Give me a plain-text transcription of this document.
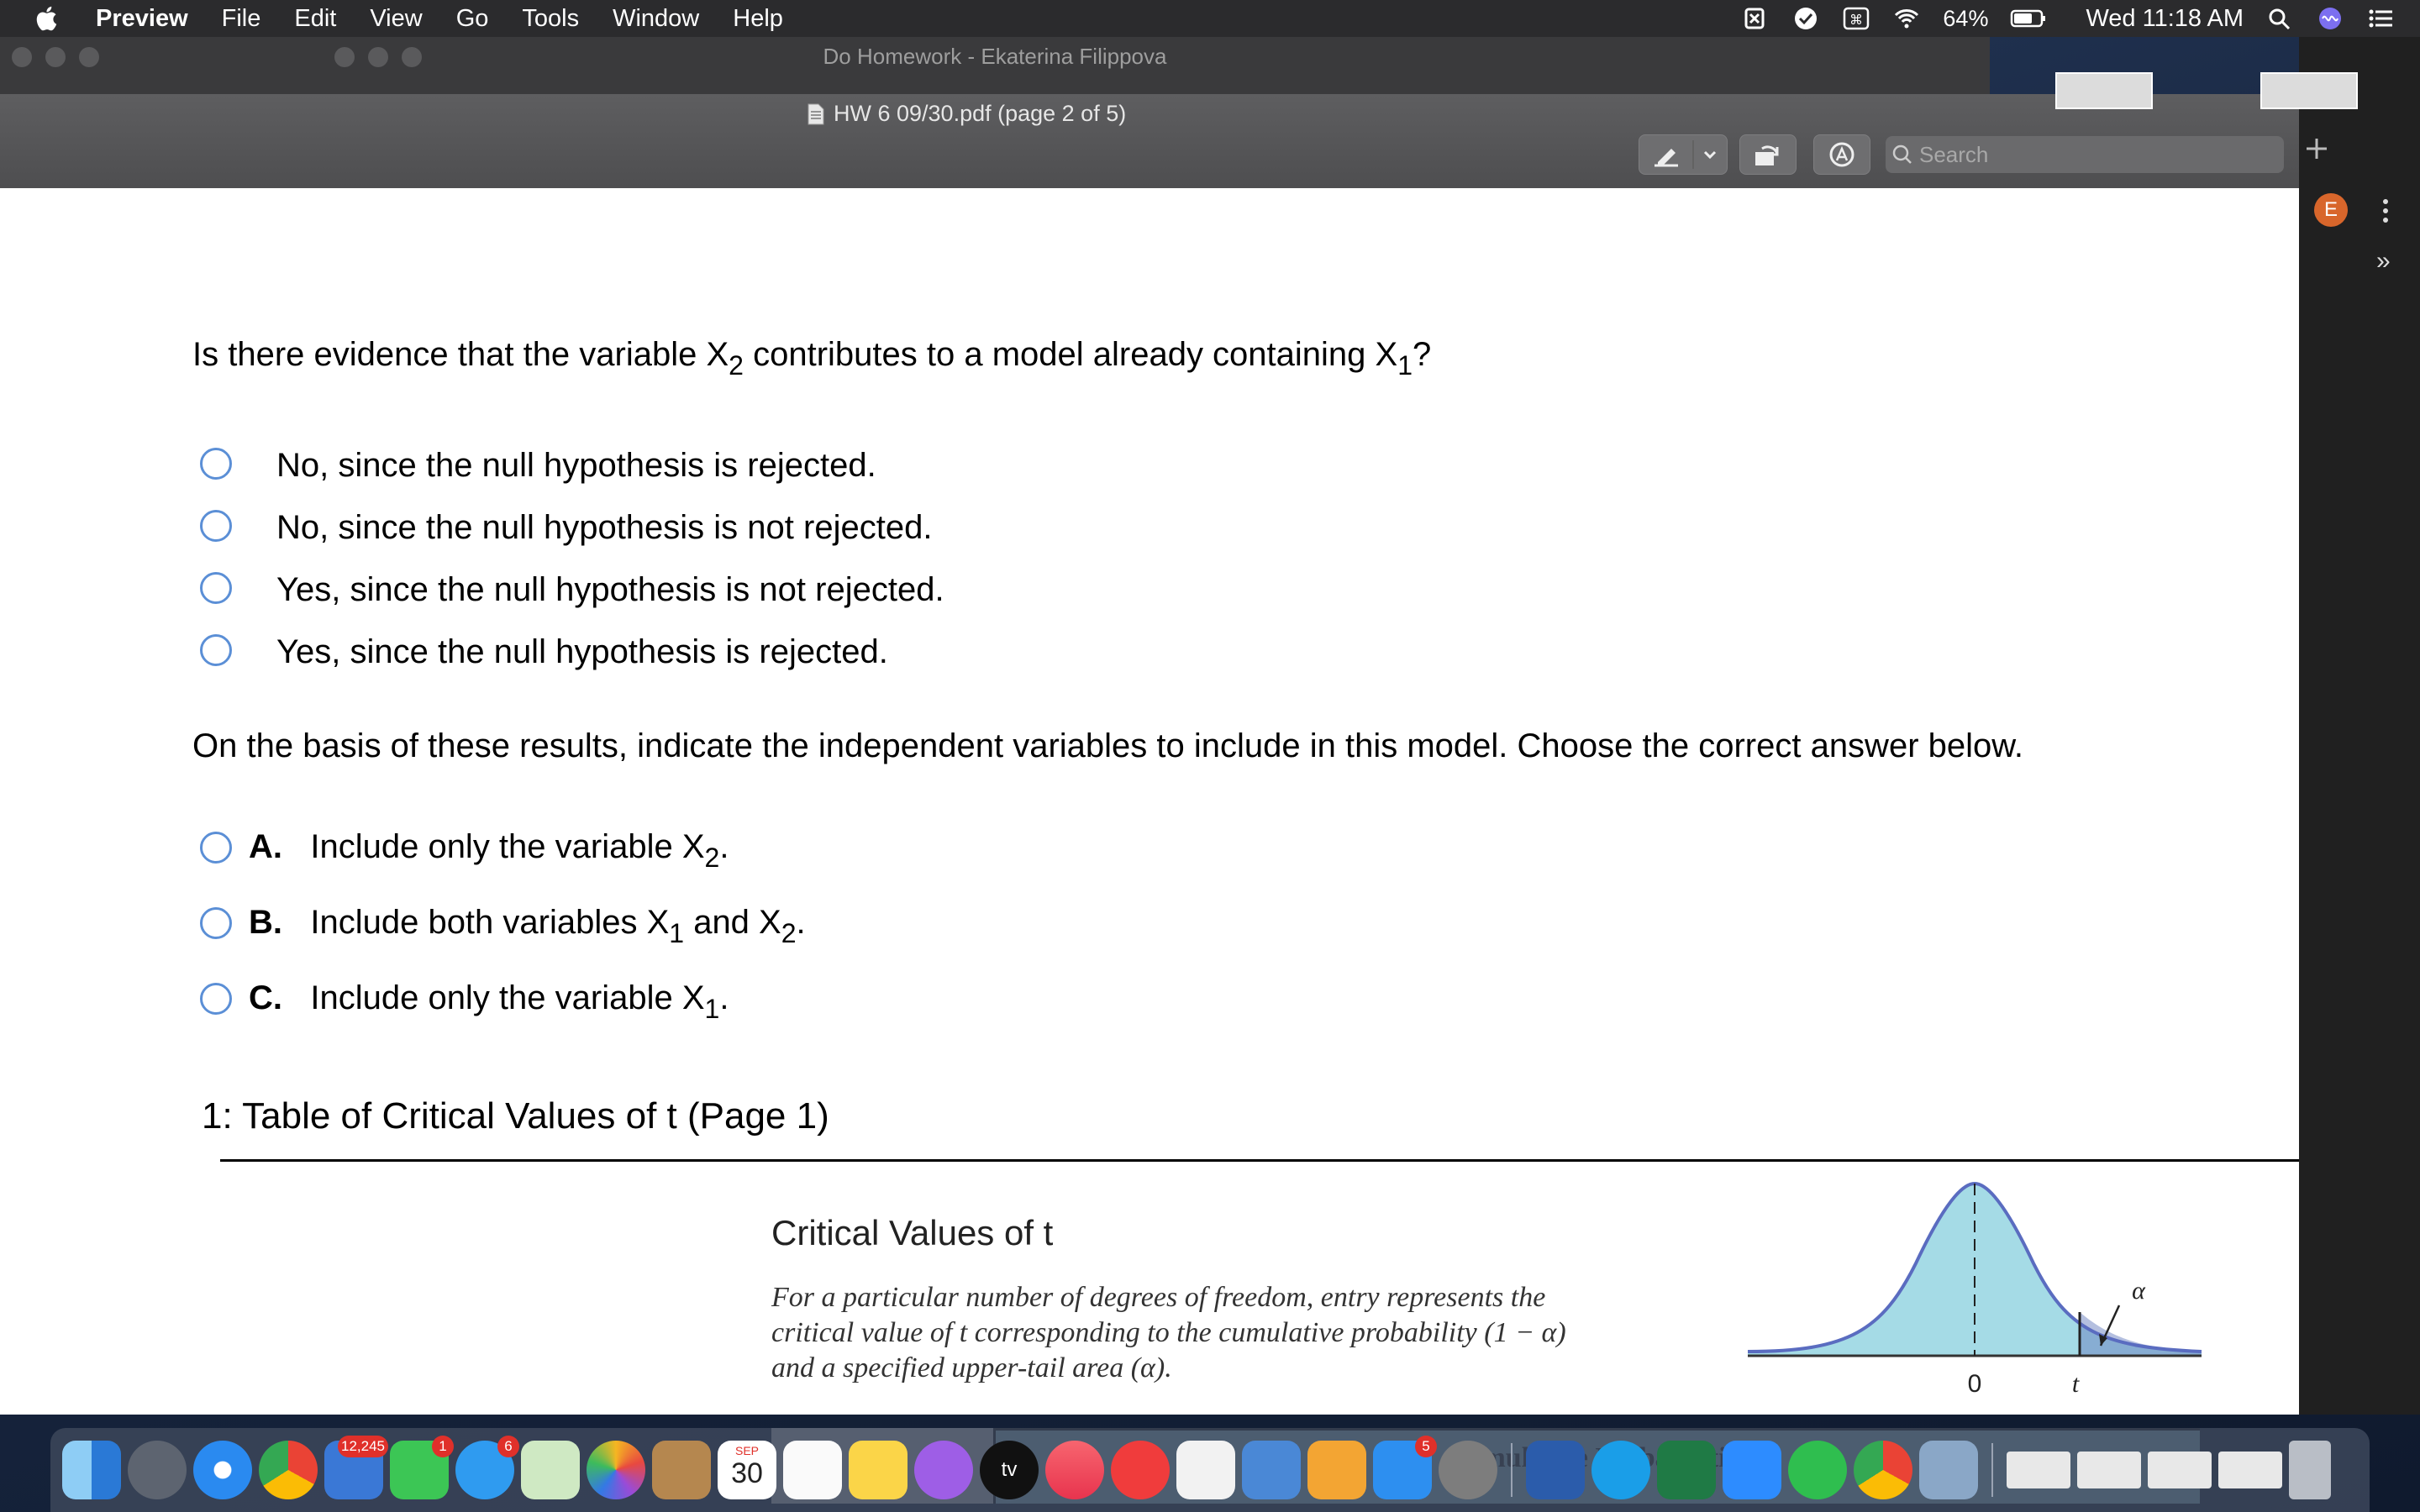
Preview File Edit View Go Tools Window Help	⌘	64%	Wed 11:18 AM
Do Homework - Ekaterina Filippova
HW 6 09/30.pdf (page 2 of 5)
Search
Is there evidence that the variable $X_2$ contributes to a model already containing $X_1$?
No, since the null hypothesis is rejected.
No, since the null hypothesis is not rejected.
Yes, since the null hypothesis is not rejected.
Yes, since the null hypothesis is rejected.
On the basis of these results, indicate the independent variables to include in this model. Choose the correct answer below.
A. Include only the variable $X_2$.
B. Include both variables $X_1$ and $X_2$.
C. Include only the variable $X_1$.
1: Table of Critical Values of t (Page 1)
Critical Values of t
For a particular number of degrees of freedom, entry represents the critical value of t corresponding to the cumulative probability (1 − α) and a specified upper-tail area (α).
0	t
α
E
»
12,245	1	6	SEP
30	tv
5
